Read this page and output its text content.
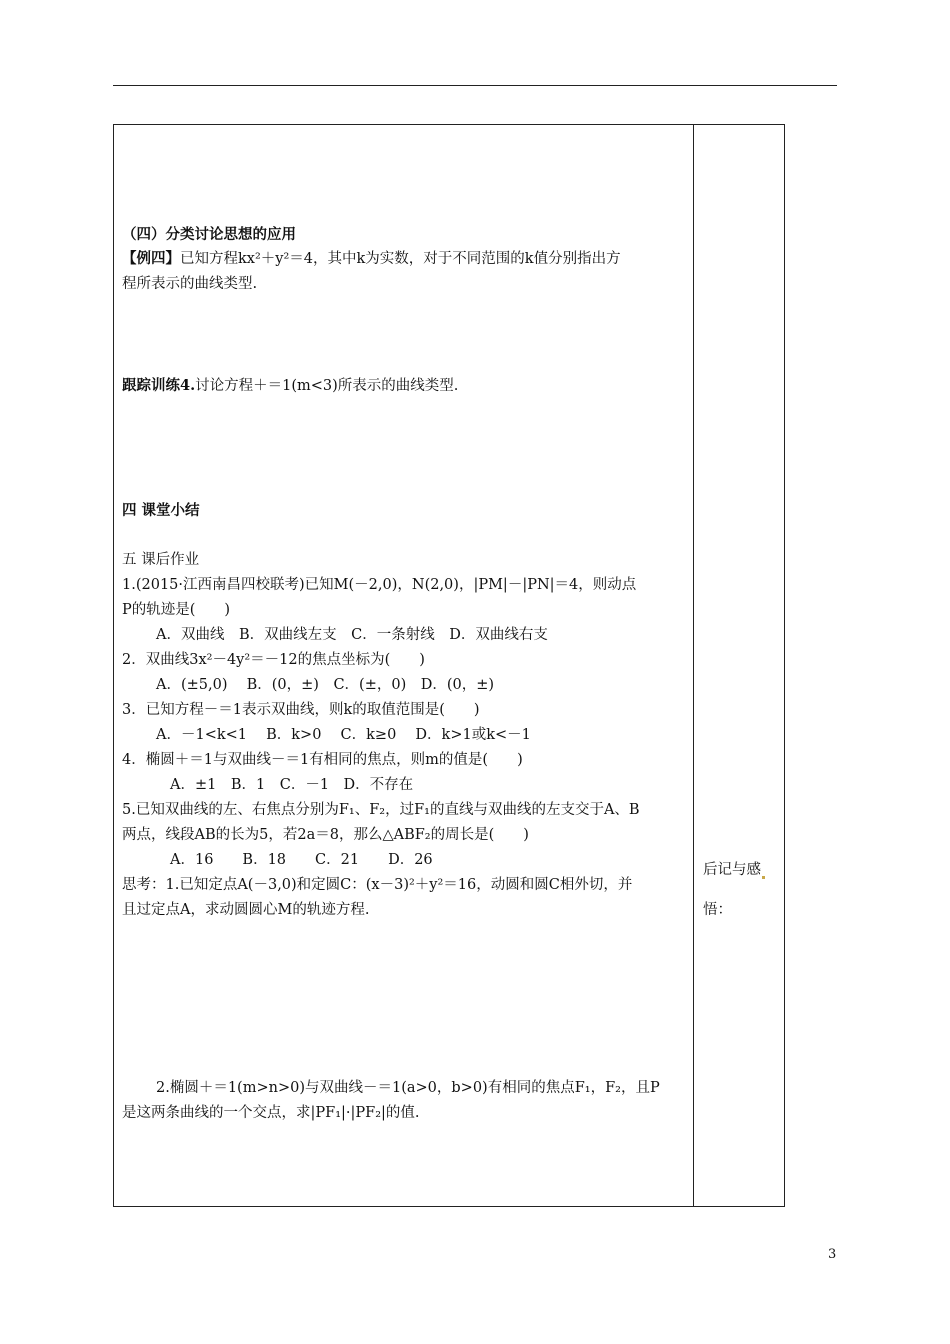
（四）分类讨论思想的应用
【例四】已知方程kx²＋y²＝4，其中k为实数，对于不同范围的k值分别指出方
程所表示的曲线类型.
跟踪训练4.讨论方程＋＝1(m<3)所表示的曲线类型.
四 课堂小结
五 课后作业
1.(2015·江西南昌四校联考)已知M(－2,0)，N(2,0)，|PM|－|PN|＝4，则动点
P的轨迹是(　　)
A．双曲线　B．双曲线左支　C．一条射线　D．双曲线右支
2．双曲线3x²－4y²＝－12的焦点坐标为(　　)
A．(±5,0)　 B．(0，±)　C．(±，0)　D．(0，±)
3．已知方程－＝1表示双曲线，则k的取值范围是(　　)
A．－1<k<1　 B．k>0　 C．k≥0　 D．k>1或k<－1
4．椭圆＋＝1与双曲线－＝1有相同的焦点，则m的值是(　　)
A．±1　B．1　C．－1　D．不存在
5.已知双曲线的左、右焦点分别为F₁、F₂，过F₁的直线与双曲线的左支交于A、B
两点，线段AB的长为5，若2a＝8，那么△ABF₂的周长是(　　)
A．16　　B．18　　C．21　　D．26
思考：1.已知定点A(－3,0)和定圆C：(x－3)²＋y²＝16，动圆和圆C相外切，并
且过定点A，求动圆圆心M的轨迹方程.
2.椭圆＋＝1(m>n>0)与双曲线－＝1(a>0，b>0)有相同的焦点F₁，F₂，且P
是这两条曲线的一个交点，求|PF₁|·|PF₂|的值.
后记与感
悟：
3
